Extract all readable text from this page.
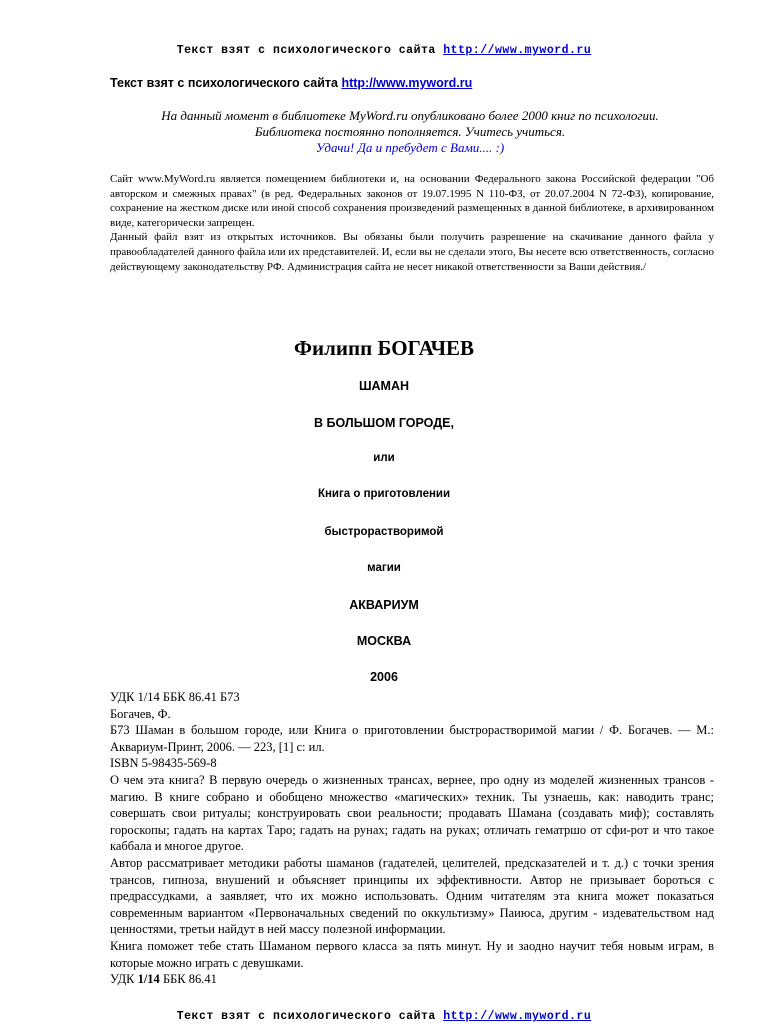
Текст взят с психологического сайта http://www.myword.ru
Текст взят с психологического сайта http://www.myword.ru
На данный момент в библиотеке MyWord.ru опубликовано более 2000 книг по психологии.
Библиотека постоянно пополняется. Учитесь учиться.
Удачи! Да и пребудет с Вами.... :)

Сайт www.MyWord.ru является помещением библиотеки и, на основании Федерального закона Российской федерации "Об авторском и смежных правах" (в ред. Федеральных законов от 19.07.1995 N 110-ФЗ, от 20.07.2004 N 72-ФЗ), копирование, сохранение на жестком диске или иной способ сохранения произведений размещенных в данной библиотеке, в архивированном виде, категорически запрещен.

Данный файл взят из открытых источников. Вы обязаны были получить разрешение на скачивание данного файла у правообладателей данного файла или их представителей. И, если вы не сделали этого, Вы несете всю ответственность, согласно действующему законодательству РФ. Администрация сайта не несет никакой ответственности за Ваши действия./

Филипп БОГАЧЕВ
ШАМАН
В БОЛЬШОМ ГОРОДЕ,
или
Книга о приготовлении
быстрорастворимой
магии
АКВАРИУМ
МОСКВА
2006

УДК 1/14 ББК 86.41 Б73

Богачев, Ф.

Б73 Шаман в большом городе, или Книга о приготовлении быстрорастворимой магии / Ф. Богачев. — М.: Аквариум-Принт, 2006. — 223, [1] с: ил.

ISBN 5-98435-569-8

О чем эта книга? В первую очередь о жизненных трансах, вернее, про одну из моделей жизненных трансов - магию. В книге собрано и обобщено множество «магических» техник. Ты узнаешь, как: наводить транс; совершать свои ритуалы; конструировать свои реальности; продавать Шамана (создавать миф); составлять гороскопы; гадать на картах Таро; гадать на рунах; гадать на руках; отличать гематршо от сфи-рот и что такое каббала и многое другое.

Автор рассматривает методики работы шаманов (гадателей, целителей, предсказателей и т. д.) с точки зрения трансов, гипноза, внушений и объясняет принципы их эффективности. Автор не призывает бороться с предрассудками, а заявляет, что их можно использовать. Одним читателям эта книга может показаться современным вариантом «Первоначальных сведений по оккультизму» Паиюса, другим - издевательством над ценностями, третьи найдут в ней массу полезной информации.

Книга поможет тебе стать Шаманом первого класса за пять минут. Ну и заодно научит тебя новым играм, в которые можно играть с девушками.

УДК 1/14 ББК 86.41

Текст взят с психологического сайта http://www.myword.ru
